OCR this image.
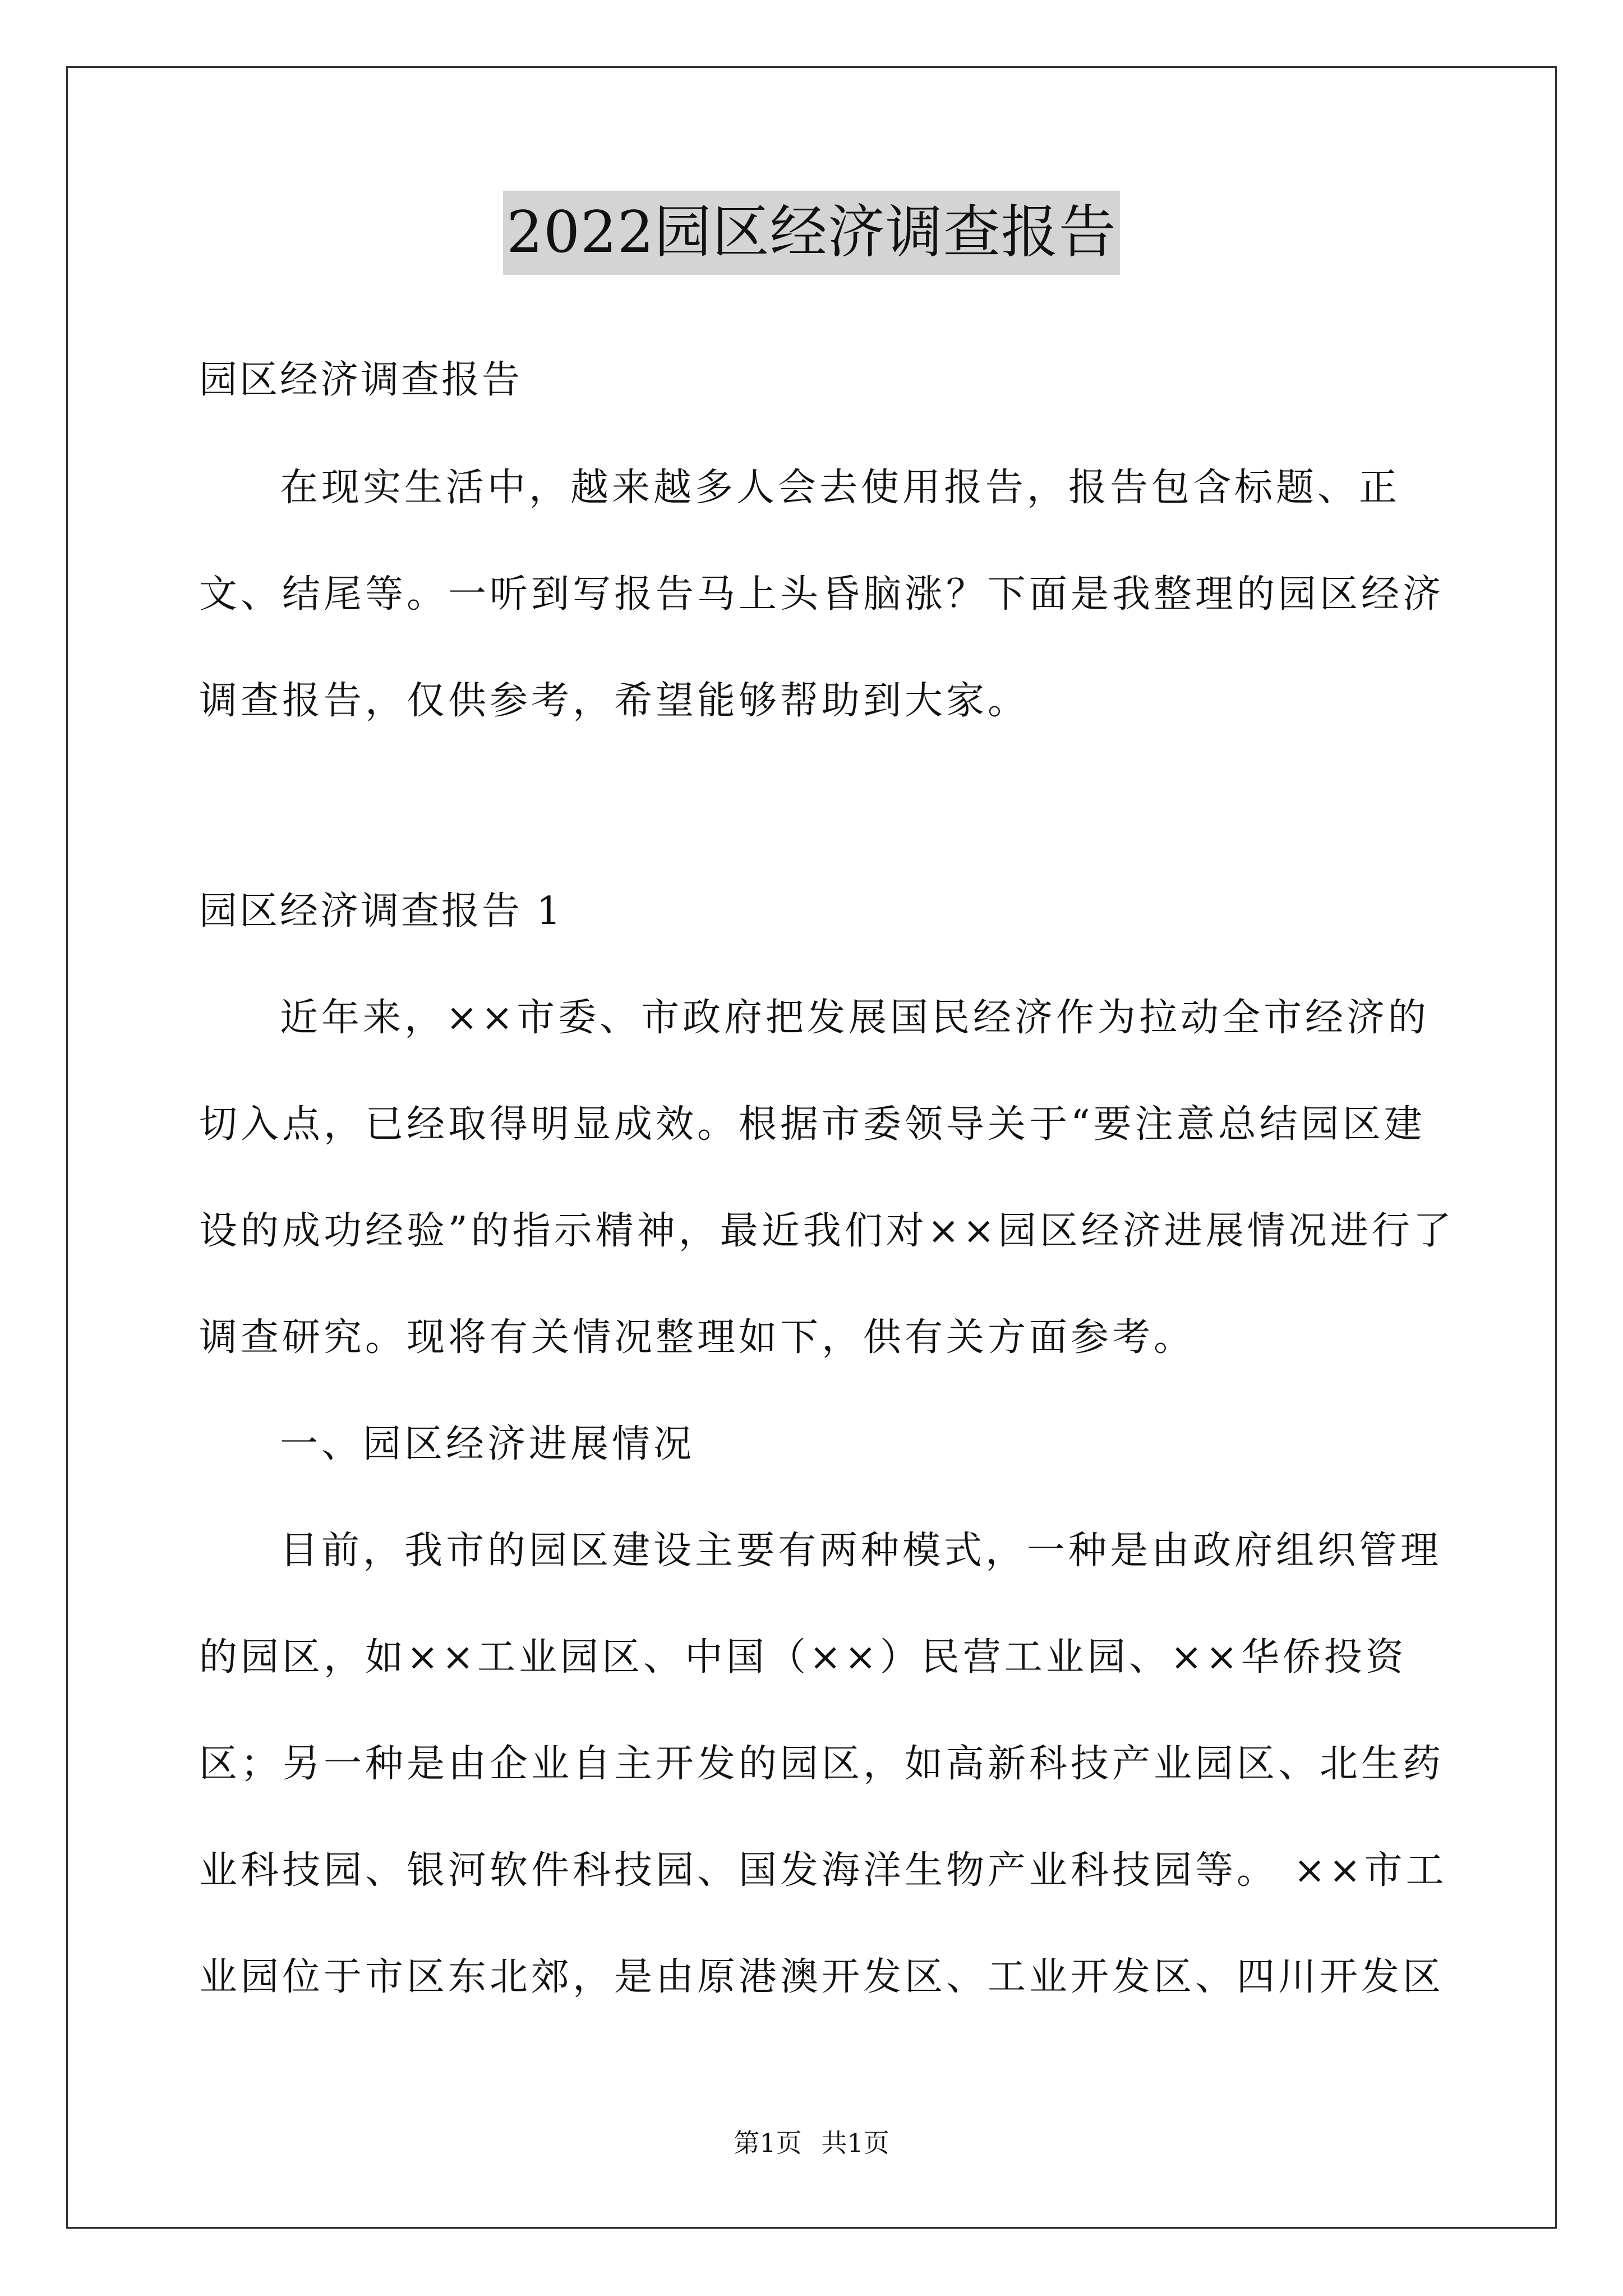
2022园区经济调查报告
园区经济调查报告

在现实生活中，越来越多人会去使用报告，报告包含标题、正文、结尾等。一听到写报告马上头昏脑涨？下面是我整理的园区经济调查报告，仅供参考，希望能够帮助到大家。

园区经济调查报告 1

近年来，××市委、市政府把发展国民经济作为拉动全市经济的切入点，已经取得明显成效。根据市委领导关于“要注意总结园区建设的成功经验”的指示精神，最近我们对××园区经济进展情况进行了调查研究。现将有关情况整理如下，供有关方面参考。

一、园区经济进展情况

目前，我市的园区建设主要有两种模式，一种是由政府组织管理的园区，如××工业园区、中国（××）民营工业园、××华侨投资区；另一种是由企业自主开发的园区，如高新科技产业园区、北生药业科技园、银河软件科技园、国发海洋生物产业科技园等。 ××市工业园位于市区东北郊，是由原港澳开发区、工业开发区、四川开发区

第1页 共1页
